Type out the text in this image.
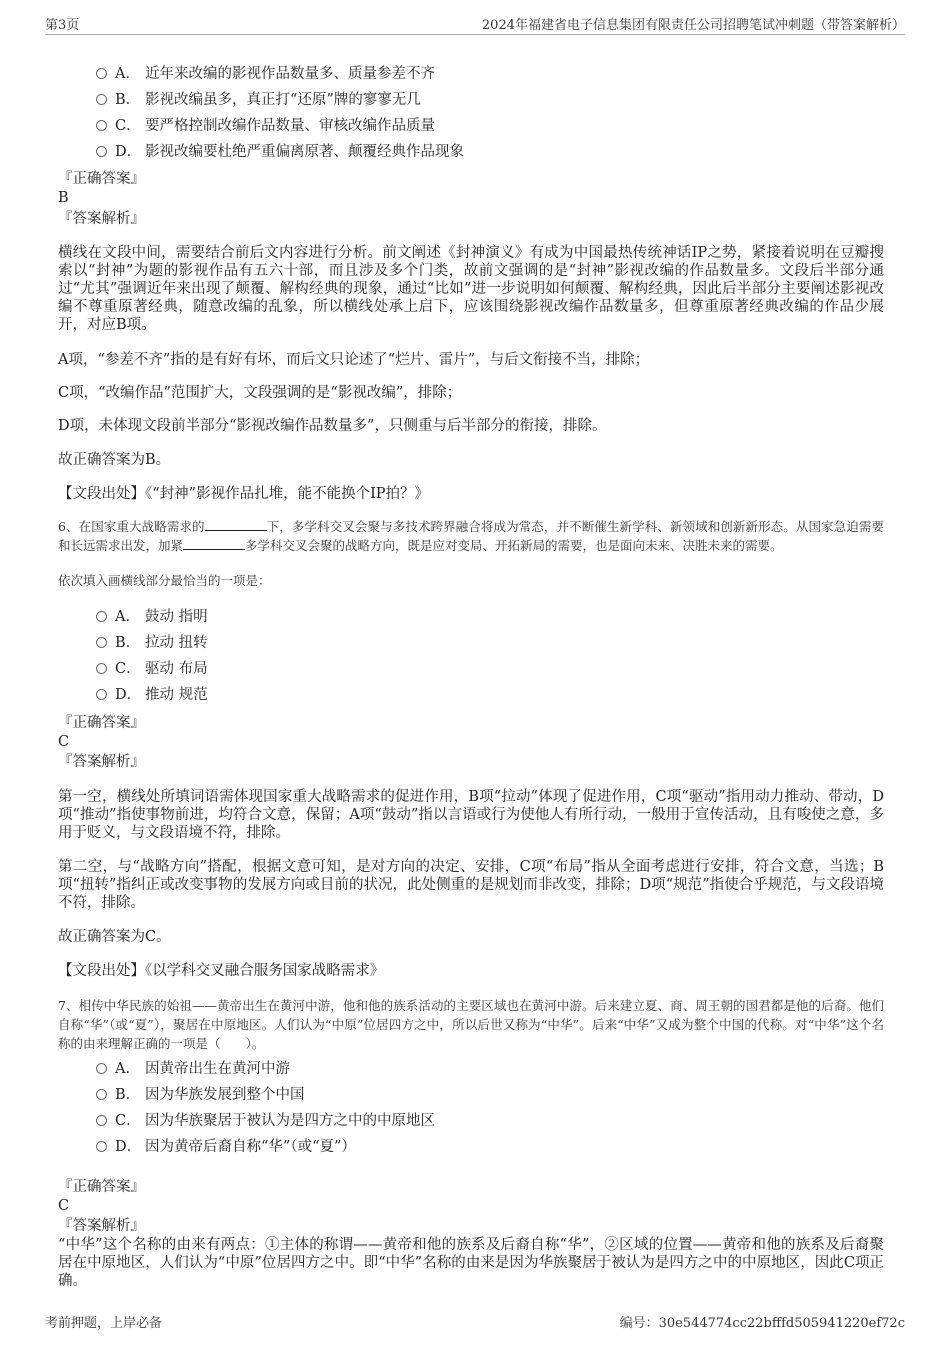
第3页	2024年福建省电子信息集团有限责任公司招聘笔试冲刺题（带答案解析）
A． 近年来改编的影视作品数量多、质量参差不齐
B． 影视改编虽多，真正打“还原”牌的寥寥无几
C． 要严格控制改编作品数量、审核改编作品质量
D． 影视改编要杜绝严重偏离原著、颠覆经典作品现象
『正确答案』
B
『答案解析』
横线在文段中间，需要结合前后文内容进行分析。前文阐述《封神演义》有成为中国最热传统神话IP之势，紧接着说明在豆瓣搜索以“封神”为题的影视作品有五六十部，而且涉及多个门类，故前文强调的是“封神”影视改编的作品数量多。文段后半部分通过“尤其”强调近年来出现了颠覆、解构经典的现象，通过“比如”进一步说明如何颠覆、解构经典，因此后半部分主要阐述影视改编不尊重原著经典，随意改编的乱象，所以横线处承上启下，应该围绕影视改编作品数量多，但尊重原著经典改编的作品少展开，对应B项。
A项，“参差不齐”指的是有好有坏，而后文只论述了“烂片、雷片”，与后文衔接不当，排除；
C项，“改编作品”范围扩大，文段强调的是“影视改编”，排除；
D项，未体现文段前半部分“影视改编作品数量多”，只侧重与后半部分的衔接，排除。
故正确答案为B。
【文段出处】《“封神”影视作品扎堆，能不能换个IP拍？》
6、在国家重大战略需求的	下，多学科交叉会聚与多技术跨界融合将成为常态，并不断催生新学科、新领域和创新新形态。从国家急迫需要和长远需求出发，加紧	多学科交叉会聚的战略方向，既是应对变局、开拓新局的需要，也是面向未来、决胜未来的需要。
依次填入画横线部分最恰当的一项是：
A． 鼓动 指明
B． 拉动 扭转
C． 驱动 布局
D． 推动 规范
『正确答案』
C
『答案解析』
第一空，横线处所填词语需体现国家重大战略需求的促进作用，B项“拉动”体现了促进作用，C项“驱动”指用动力推动、带动，D项“推动”指使事物前进，均符合文意，保留；A项“鼓动”指以言语或行为使他人有所行动，一般用于宣传活动，且有唆使之意，多用于贬义，与文段语境不符，排除。
第二空，与“战略方向”搭配，根据文意可知，是对方向的决定、安排，C项“布局”指从全面考虑进行安排，符合文意，当选；B项“扭转”指纠正或改变事物的发展方向或目前的状况，此处侧重的是规划而非改变，排除；D项“规范”指使合乎规范，与文段语境不符，排除。
故正确答案为C。
【文段出处】《以学科交叉融合服务国家战略需求》
7、相传中华民族的始祖——黄帝出生在黄河中游，他和他的族系活动的主要区域也在黄河中游。后来建立夏、商、周王朝的国君都是他的后裔。他们自称“华”（或“夏”），聚居在中原地区。人们认为“中原”位居四方之中，所以后世又称为“中华”。后来“中华”又成为整个中国的代称。对“中华”这个名称的由来理解正确的一项是（　　）。
A． 因黄帝出生在黄河中游
B． 因为华族发展到整个中国
C． 因为华族聚居于被认为是四方之中的中原地区
D． 因为黄帝后裔自称“华”（或“夏”）
『正确答案』
C
『答案解析』
“中华”这个名称的由来有两点：①主体的称谓——黄帝和他的族系及后裔自称“华”，②区域的位置——黄帝和他的族系及后裔聚居在中原地区，人们认为“中原”位居四方之中。即“中华”名称的由来是因为华族聚居于被认为是四方之中的中原地区，因此C项正确。
考前押题，上岸必备	编号：30e544774cc22bfffd505941220ef72c
